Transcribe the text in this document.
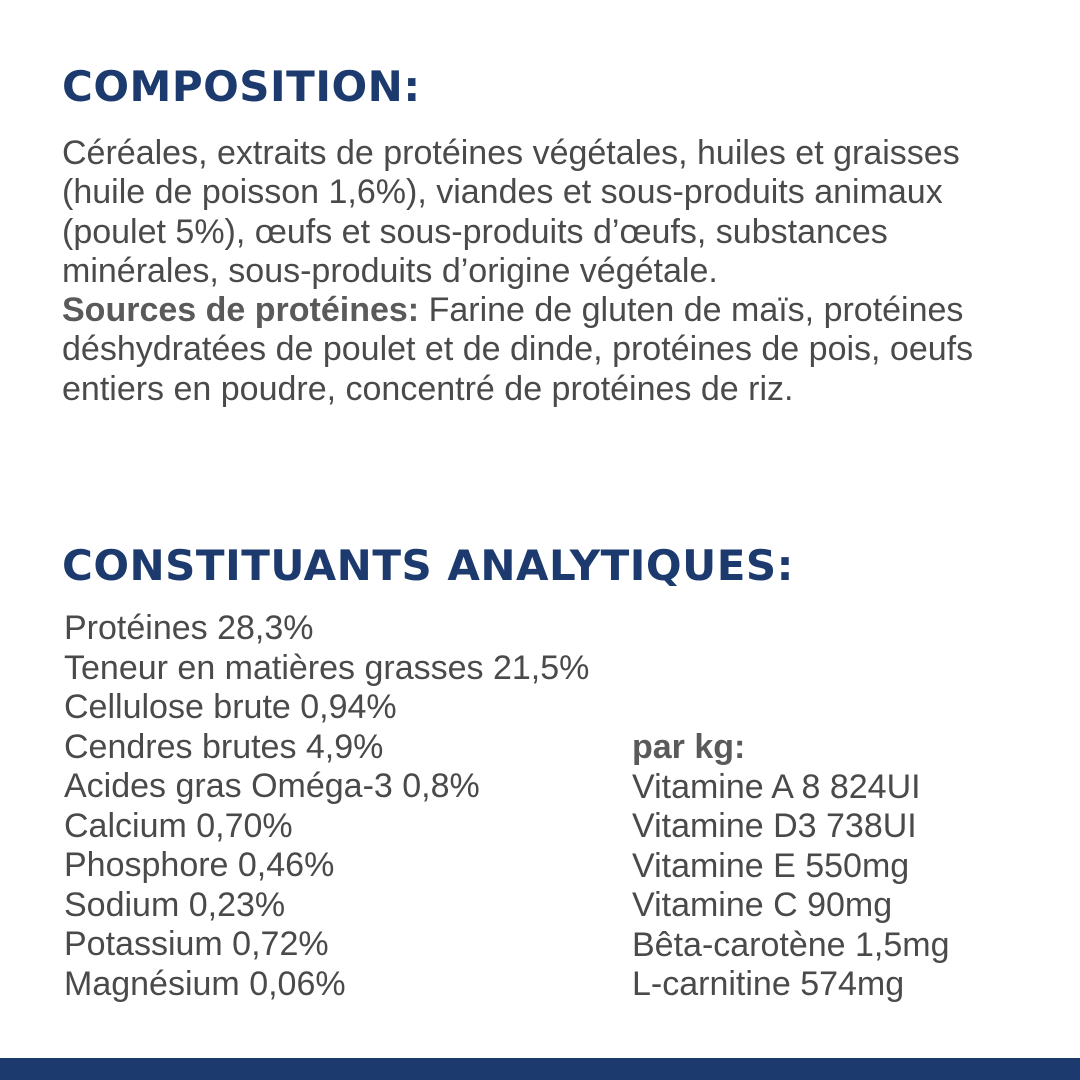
COMPOSITION:

Céréales, extraits de protéines végétales, huiles et graisses (huile de poisson 1,6%), viandes et sous-produits animaux (poulet 5%), œufs et sous-produits d’œufs, substances minérales, sous-produits d’origine végétale.

Sources de protéines: Farine de gluten de maïs, protéines déshydratées de poulet et de dinde, protéines de pois, oeufs entiers en poudre, concentré de protéines de riz.

CONSTITUANTS ANALYTIQUES:
Protéines 28,3%
Teneur en matières grasses 21,5%
Cellulose brute 0,94%
Cendres brutes 4,9%
Acides gras Oméga-3 0,8%
Calcium 0,70%
Phosphore 0,46%
Sodium 0,23%
Potassium 0,72%
Magnésium 0,06%
par kg:
Vitamine A 8 824UI
Vitamine D3 738UI
Vitamine E 550mg
Vitamine C 90mg
Bêta-carotène 1,5mg
L-carnitine 574mg
